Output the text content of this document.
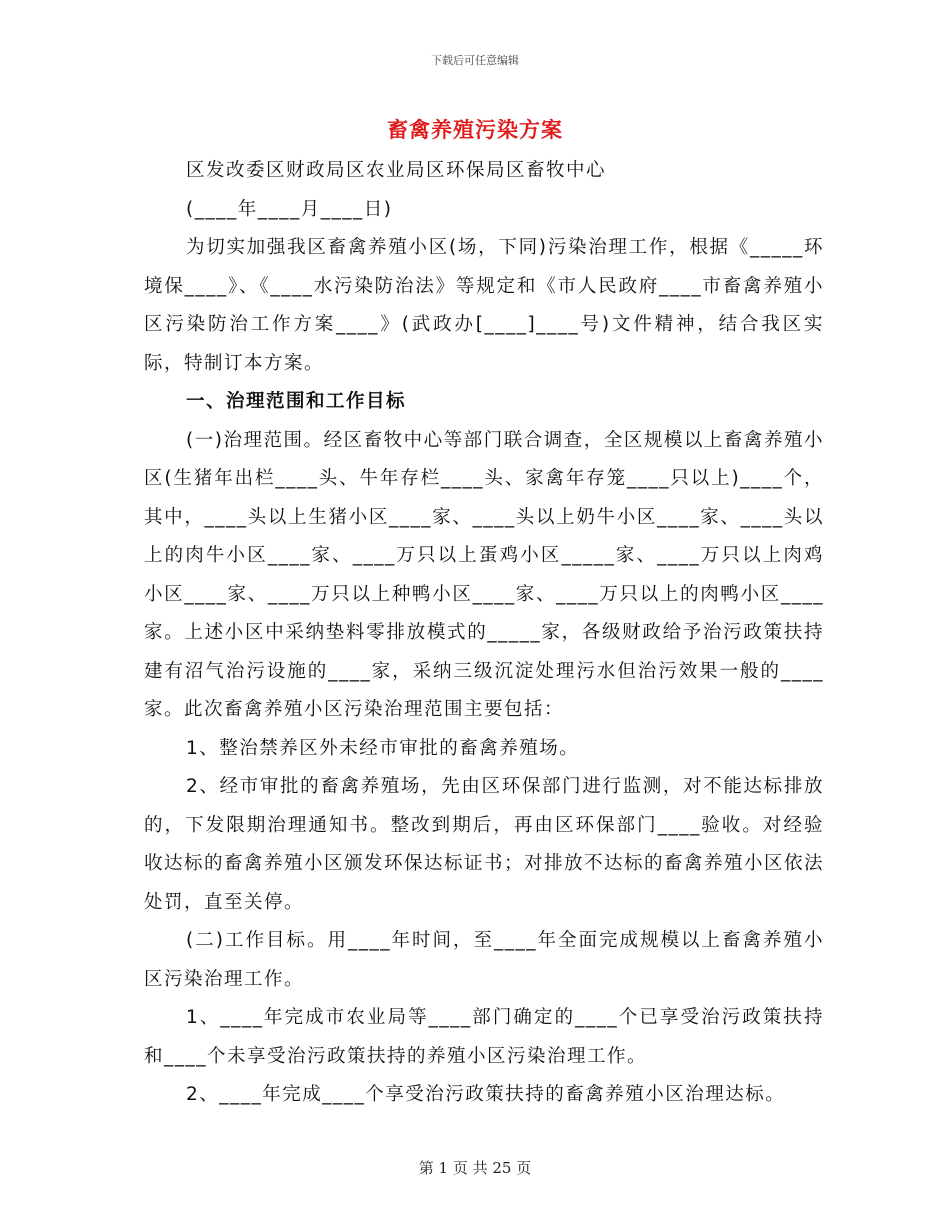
下载后可任意编辑
畜禽养殖污染方案

区发改委区财政局区农业局区环保局区畜牧中心

(____年____月____日)

为切实加强我区畜禽养殖小区(场，下同)污染治理工作，根据《_____环境保____》、《____水污染防治法》等规定和《市人民政府____市畜禽养殖小区污染防治工作方案____》(武政办[____]____号)文件精神，结合我区实际，特制订本方案。

一、治理范围和工作目标

(一)治理范围。经区畜牧中心等部门联合调查，全区规模以上畜禽养殖小区(生猪年出栏____头、牛年存栏____头、家禽年存笼____只以上)____个，其中，____头以上生猪小区____家、____头以上奶牛小区____家、____头以上的肉牛小区____家、____万只以上蛋鸡小区_____家、____万只以上肉鸡小区____家、____万只以上种鸭小区____家、____万只以上的肉鸭小区____家。上述小区中采纳垫料零排放模式的_____家，各级财政给予治污政策扶持建有沼气治污设施的____家，采纳三级沉淀处理污水但治污效果一般的____家。此次畜禽养殖小区污染治理范围主要包括：

1、整治禁养区外未经市审批的畜禽养殖场。

2、经市审批的畜禽养殖场，先由区环保部门进行监测，对不能达标排放的，下发限期治理通知书。整改到期后，再由区环保部门____验收。对经验收达标的畜禽养殖小区颁发环保达标证书；对排放不达标的畜禽养殖小区依法处罚，直至关停。

(二)工作目标。用____年时间，至____年全面完成规模以上畜禽养殖小区污染治理工作。

1、____年完成市农业局等____部门确定的____个已享受治污政策扶持和____个未享受治污政策扶持的养殖小区污染治理工作。

2、____年完成____个享受治污政策扶持的畜禽养殖小区治理达标。

第 1 页 共 25 页
